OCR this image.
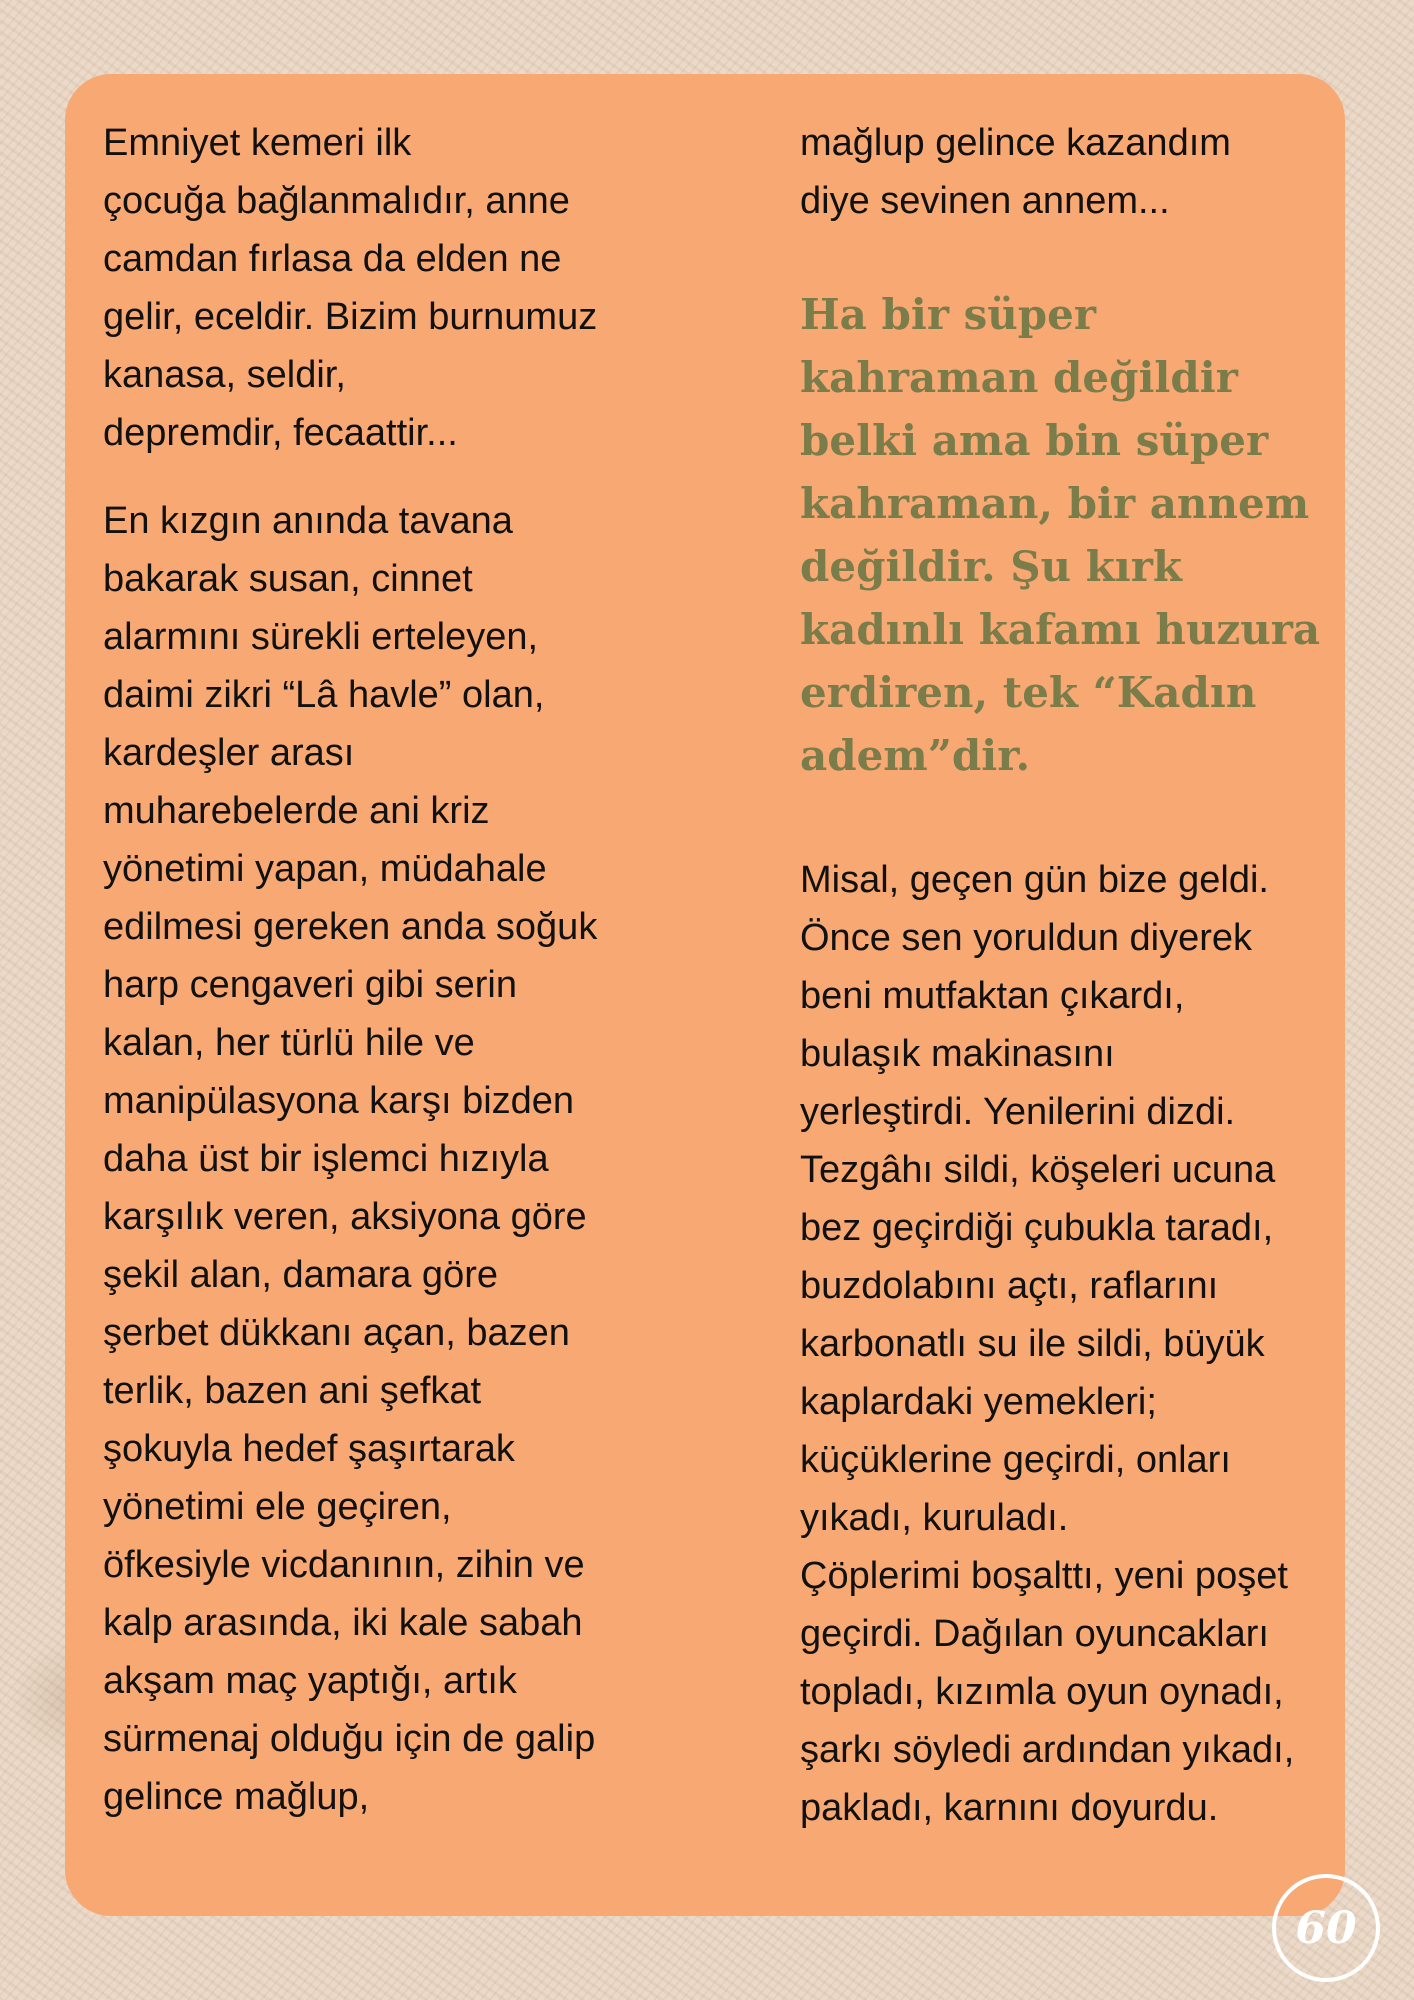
Emniyet kemeri ilk
çocuğa bağlanmalıdır, anne
camdan fırlasa da elden ne
gelir, eceldir. Bizim burnumuz
kanasa, seldir,
depremdir, fecaattir...

En kızgın anında tavana
bakarak susan, cinnet
alarmını sürekli erteleyen,
daimi zikri “Lâ havle” olan,
kardeşler arası
muharebelerde ani kriz
yönetimi yapan, müdahale
edilmesi gereken anda soğuk
harp cengaveri gibi serin
kalan, her türlü hile ve
manipülasyona karşı bizden
daha üst bir işlemci hızıyla
karşılık veren, aksiyona göre
şekil alan, damara göre
şerbet dükkanı açan, bazen
terlik, bazen ani şefkat
şokuyla hedef şaşırtarak
yönetimi ele geçiren,
öfkesiyle vicdanının, zihin ve
kalp arasında, iki kale sabah
akşam maç yaptığı, artık
sürmenaj olduğu için de galip
gelince mağlup,

mağlup gelince kazandım
diye sevinen annem...

Ha bir süper
kahraman değildir
belki ama bin süper
kahraman, bir annem
değildir. Şu kırk
kadınlı kafamı huzura
erdiren, tek “Kadın
adem”dir.

Misal, geçen gün bize geldi.
Önce sen yoruldun diyerek
beni mutfaktan çıkardı,
bulaşık makinasını
yerleştirdi. Yenilerini dizdi.
Tezgâhı sildi, köşeleri ucuna
bez geçirdiği çubukla taradı,
buzdolabını açtı, raflarını
karbonatlı su ile sildi, büyük
kaplardaki yemekleri;
küçüklerine geçirdi, onları
yıkadı, kuruladı.
Çöplerimi boşalttı, yeni poşet
geçirdi. Dağılan oyuncakları
topladı, kızımla oyun oynadı,
şarkı söyledi ardından yıkadı,
pakladı, karnını doyurdu.

60
